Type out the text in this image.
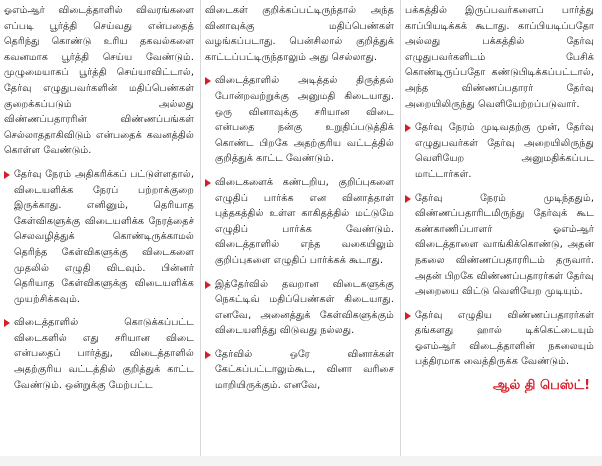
ஓஎம்ஆர் விடைத்தாளில் விவரங்களை எப்படி பூர்த்தி செய்வது என்பதைத் தெரிந்து கொண்டு உரிய தகவல்களை கவனமாக பூர்த்தி செய்ய வேண்டும். முழுமையாகப் பூர்த்தி செய்யாவிட்டால், தேர்வு எழுதுபவர்களின் மதிப்பெண்கள் குறைக்கப்படும் அல்லது விண்ணப்பதாரரின் விண்ணப்பங்கள் செல்லாததாகிவிடும் என்பதைக் கவனத்தில் கொள்ள வேண்டும்.

தேர்வு நேரம் அதிகரிக்கப் பட்டுள்ளதால், விடையளிக்க நேரப் பற்றாக்குறை இருக்காது. எனினும், தெரியாத கேள்விகளுக்கு விடையளிக்க நேரத்தைச் செலவழித்துக் கொண்டிருக்காமல் தெரிந்த கேள்விகளுக்கு விடைகளை முதலில் எழுதி விடவும். பின்னர் தெரியாத கேள்விகளுக்கு விடையளிக்க முயற்சிக்கவும்.

விடைத்தாளில் கொடுக்கப்பட்ட விடைகளில் எது சரியான விடை என்பதைப் பார்த்து, விடைத்தாளில் அதற்குரிய வட்டத்தில் குறித்துக் காட்ட வேண்டும். ஒன்றுக்கு மேற்பட்ட

விடைகள் குறிக்கப்பட்டிருந்தால் அந்த வினாவுக்கு மதிப்பெண்கள் வழங்கப்படாது. பென்சிலால் குறித்துக் காட்டப்பட்டிருந்தாலும் அது செல்லாது.

விடைத்தாளில் அடித்தல் திருத்தல் போன்றவற்றுக்கு அனுமதி கிடையாது. ஒரு வினாவுக்கு சரியான விடை என்பதை நன்கு உறுதிப்படுத்திக் கொண்ட பிறகே அதற்குரிய வட்டத்தில் குறித்துக் காட்ட வேண்டும்.

விடைகளைக் கண்டறிய, குறிப்புகளை எழுதிப் பார்க்க என வினாத்தாள் புத்தகத்தில் உள்ள காகிதத்தில் மட்டுமே எழுதிப் பார்க்க வேண்டும். விடைத்தாளில் எந்த வகையிலும் குறிப்புகளை எழுதிப் பார்க்கக் கூடாது.

இத்தேர்வில் தவறான விடைகளுக்கு நெகட்டிவ் மதிப்பெண்கள் கிடையாது. எனவே, அனைத்துக் கேள்விகளுக்கும் விடையளித்து விடுவது நல்லது.

தேர்வில் ஒரே வினாக்கள் கேட்கப்பட்டாலும்கூட, வினா வரிசை மாறியிருக்கும். எனவே,

பக்கத்தில் இருப்பவர்களைப் பார்த்து காப்பியடிக்கக் கூடாது. காப்பியடிப்பதோ அல்லது பக்கத்தில் தேர்வு எழுதுபவர்களிடம் பேசிக் கொண்டிருப்பதோ கண்டுபிடிக்கப்பட்டால், அந்த விண்ணப்பதாரர் தேர்வு அறையிலிருந்து வெளியேற்றப்படுவார்.

தேர்வு நேரம் முடிவதற்கு முன், தேர்வு எழுதுபவர்கள் தேர்வு அறையிலிருந்து வெளியேற அனுமதிக்கப்பட மாட்டார்கள்.

தேர்வு நேரம் முடிந்ததும், விண்ணப்பதாரிடமிருந்து தேர்வுக் கூட கண்காணிப்பாளர் ஓஎம்ஆர் விடைத்தாளை வாங்கிக்கொண்டு, அதன் நகலை விண்ணப்பதாரரிடம் தருவார். அதன் பிறகே விண்ணப்பதாரர்கள் தேர்வு அறையை விட்டு வெளியேற முடியும்.

தேர்வு எழுதிய விண்ணப்பதாரர்கள் தங்களது ஹால் டிக்கெட்டையும் ஓஎம்ஆர் விடைத்தாளின் நகலையும் பத்திரமாக வைத்திருக்க வேண்டும்.

ஆல் தி பெஸ்ட்!
